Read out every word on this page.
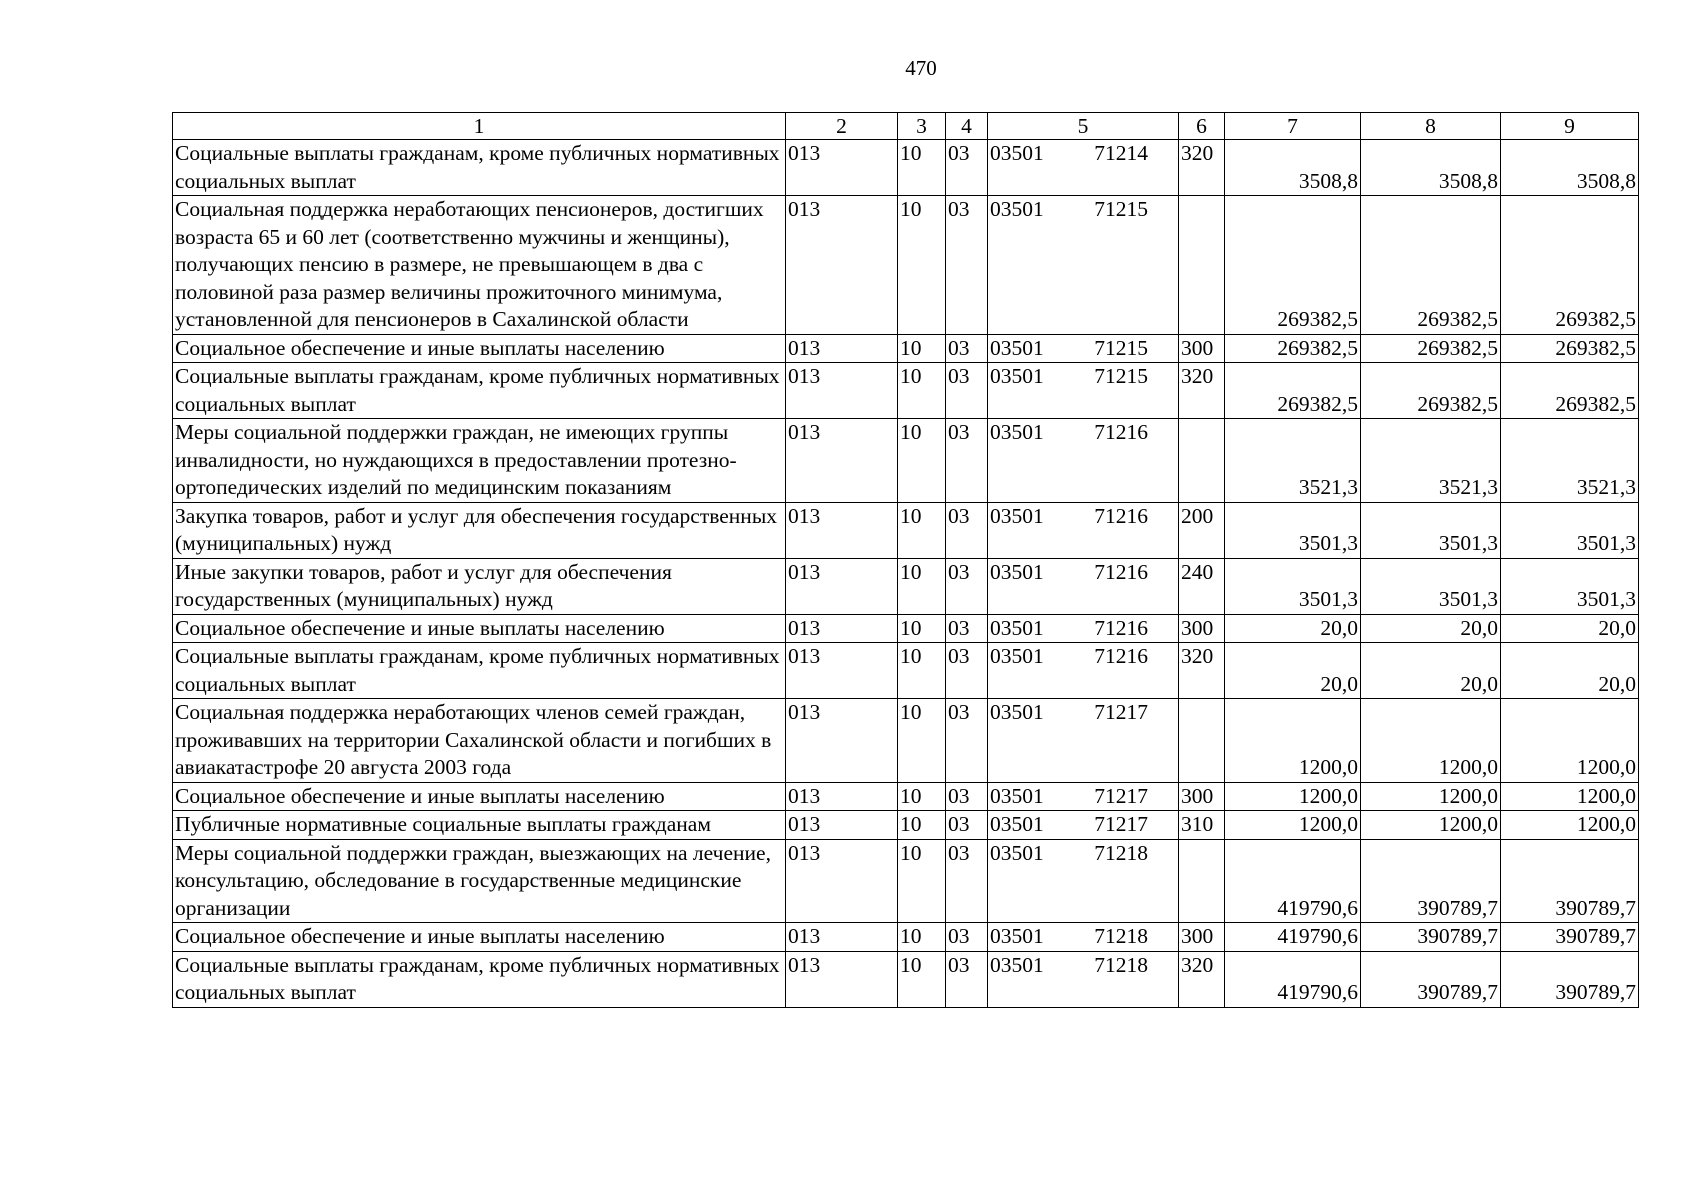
470
1	2	3	4	5	6	7	8	9
Социальные выплаты гражданам, кроме публичных нормативных социальных выплат	013	10	03	03501 71214	320	3508,8	3508,8	3508,8
Социальная поддержка неработающих пенсионеров, достигших возраста 65 и 60 лет (соответственно мужчины и женщины), получающих пенсию в размере, не превышающем в два с половиной раза размер величины прожиточного минимума, установленной для пенсионеров в Сахалинской области	013	10	03	03501 71215		269382,5	269382,5	269382,5
Социальное обеспечение и иные выплаты населению	013	10	03	03501 71215	300	269382,5	269382,5	269382,5
Социальные выплаты гражданам, кроме публичных нормативных социальных выплат	013	10	03	03501 71215	320	269382,5	269382,5	269382,5
Меры социальной поддержки граждан, не имеющих группы инвалидности, но нуждающихся в предоставлении протезно-ортопедических изделий по медицинским показаниям	013	10	03	03501 71216		3521,3	3521,3	3521,3
Закупка товаров, работ и услуг для обеспечения государственных (муниципальных) нужд	013	10	03	03501 71216	200	3501,3	3501,3	3501,3
Иные закупки товаров, работ и услуг для обеспечения государственных (муниципальных) нужд	013	10	03	03501 71216	240	3501,3	3501,3	3501,3
Социальное обеспечение и иные выплаты населению	013	10	03	03501 71216	300	20,0	20,0	20,0
Социальные выплаты гражданам, кроме публичных нормативных социальных выплат	013	10	03	03501 71216	320	20,0	20,0	20,0
Социальная поддержка неработающих членов семей граждан, проживавших на территории Сахалинской области и погибших в авиакатастрофе 20 августа 2003 года	013	10	03	03501 71217		1200,0	1200,0	1200,0
Социальное обеспечение и иные выплаты населению	013	10	03	03501 71217	300	1200,0	1200,0	1200,0
Публичные нормативные социальные выплаты гражданам	013	10	03	03501 71217	310	1200,0	1200,0	1200,0
Меры социальной поддержки граждан, выезжающих на лечение, консультацию, обследование в государственные медицинские организации	013	10	03	03501 71218		419790,6	390789,7	390789,7
Социальное обеспечение и иные выплаты населению	013	10	03	03501 71218	300	419790,6	390789,7	390789,7
Социальные выплаты гражданам, кроме публичных нормативных социальных выплат	013	10	03	03501 71218	320	419790,6	390789,7	390789,7
